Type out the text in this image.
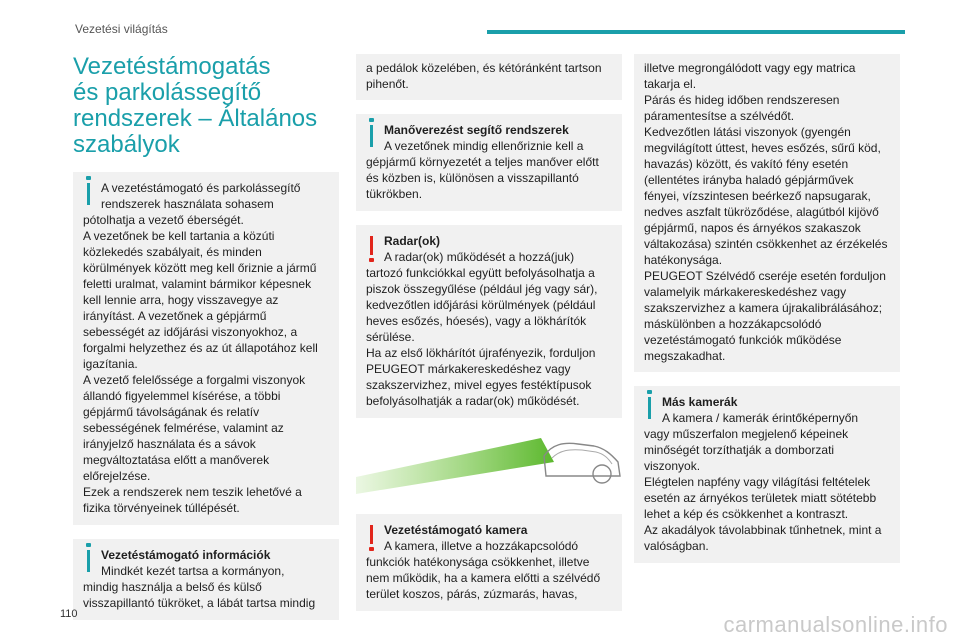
Vezetési világítás
Vezetéstámogatás
és parkolássegítő
rendszerek – Általános
szabályok
A vezetéstámogató és parkolássegítő rendszerek használata sohasem
pótolhatja a vezető éberségét.
A vezetőnek be kell tartania a közúti közlekedés szabályait, és minden körülmények között meg kell őriznie a jármű feletti uralmat, valamint bármikor képesnek kell lennie arra, hogy visszavegye az irányítást. A vezetőnek a gépjármű sebességét az időjárási viszonyokhoz, a forgalmi helyzethez és az út állapotához kell igazítania.
A vezető felelőssége a forgalmi viszonyok állandó figyelemmel kísérése, a többi gépjármű távolságának és relatív sebességének felmérése, valamint az irányjelző használata és a sávok megváltoztatása előtt a manőverek előrejelzése.
Ezek a rendszerek nem teszik lehetővé a fizika törvényeinek túllépését.
Vezetéstámogató információk
Mindkét kezét tartsa a kormányon,
mindig használja a belső és külső visszapillantó tükröket, a lábát tartsa mindig
a pedálok közelében, és kétóránként tartson pihenőt.
Manőverezést segítő rendszerek
A vezetőnek mindig ellenőriznie kell a
gépjármű környezetét a teljes manőver előtt és közben is, különösen a visszapillantó tükrökben.
Radar(ok)
A radar(ok) működését a hozzá(juk)
tartozó funkciókkal együtt befolyásolhatja a piszok összegyűlése (például jég vagy sár), kedvezőtlen időjárási körülmények (például heves esőzés, hóesés), vagy a lökhárítók sérülése.
Ha az első lökhárítót újrafényezik, forduljon PEUGEOT márkakereskedéshez vagy szakszervizhez, mivel egyes festéktípusok befolyásolhatják a radar(ok) működését.
Vezetéstámogató kamera
A kamera, illetve a hozzákapcsolódó
funkciók hatékonysága csökkenhet, illetve nem működik, ha a kamera előtti a szélvédő terület koszos, párás, zúzmarás, havas,
illetve megrongálódott vagy egy matrica takarja el.
Párás és hideg időben rendszeresen páramentesítse a szélvédőt.
Kedvezőtlen látási viszonyok (gyengén megvilágított úttest, heves esőzés, sűrű köd, havazás) között, és vakító fény esetén (ellentétes irányba haladó gépjárművek fényei, vízszintesen beérkező napsugarak, nedves aszfalt tükröződése, alagútból kijövő gépjármű, napos és árnyékos szakaszok váltakozása) szintén csökkenhet az érzékelés hatékonysága.
PEUGEOT Szélvédő cseréje esetén forduljon valamelyik márkakereskedéshez vagy szakszervizhez a kamera újrakalibrálásához; máskülönben a hozzákapcsolódó vezetéstámogató funkciók működése megszakadhat.
Más kamerák
A kamera / kamerák érintőképernyőn
vagy műszerfalon megjelenő képeinek minőségét torzíthatják a domborzati viszonyok.
Elégtelen napfény vagy világítási feltételek esetén az árnyékos területek miatt sötétebb lehet a kép és csökkenhet a kontraszt.
Az akadályok távolabbinak tűnhetnek, mint a valóságban.
110	carmanualsonline.info
